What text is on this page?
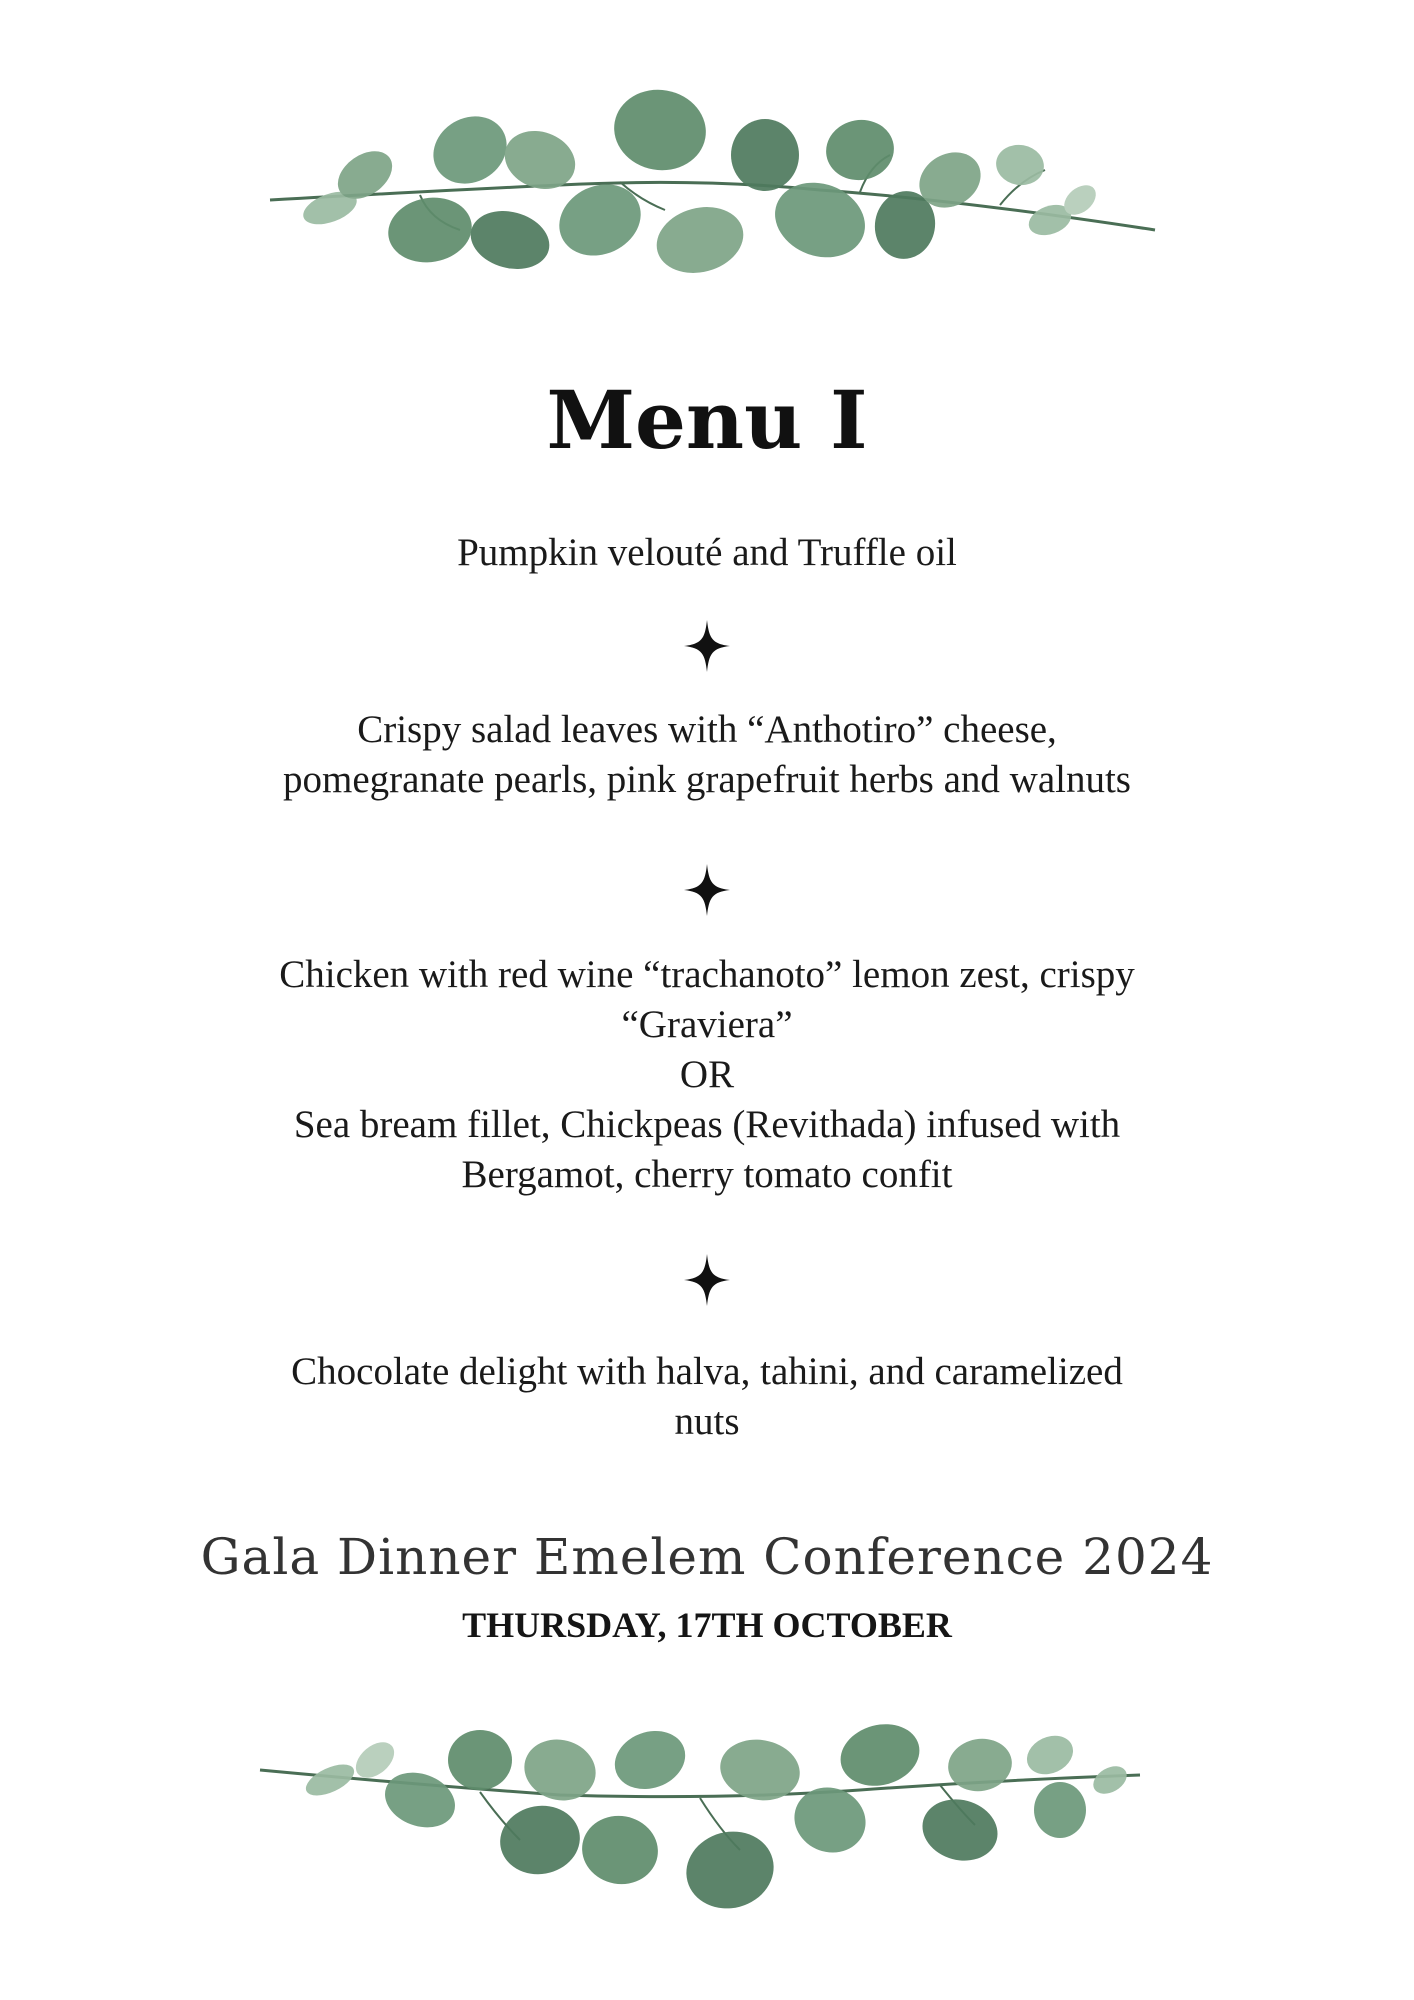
Menu I
Pumpkin velouté and Truffle oil
Crispy salad leaves with “Anthotiro” cheese,
pomegranate pearls, pink grapefruit herbs and walnuts
Chicken with red wine “trachanoto” lemon zest, crispy
“Graviera”
OR
Sea bream fillet, Chickpeas (Revithada) infused with
Bergamot, cherry tomato confit
Chocolate delight with halva, tahini, and caramelized
nuts
Gala Dinner Emelem Conference 2024
THURSDAY, 17TH OCTOBER
